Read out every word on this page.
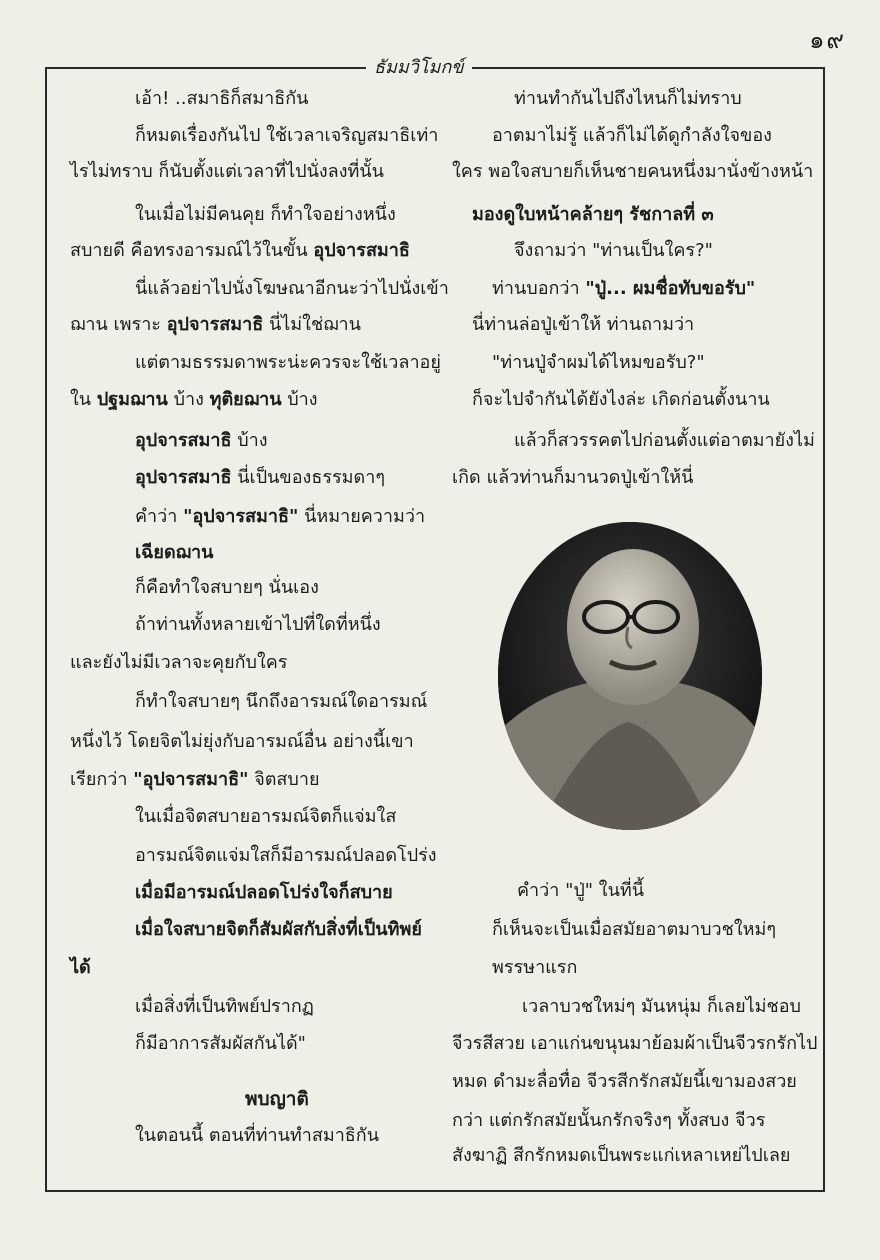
๑๙
ธัมมวิโมกข์
เอ้า! ..สมาธิก็สมาธิกัน
ก็หมดเรื่องกันไป ใช้เวลาเจริญสมาธิเท่า
ไรไม่ทราบ ก็นับตั้งแต่เวลาที่ไปนั่งลงที่นั้น
ในเมื่อไม่มีคนคุย ก็ทำใจอย่างหนึ่ง
สบายดี คือทรงอารมณ์ไว้ในขั้น อุปจารสมาธิ
นี่แล้วอย่าไปนั่งโฆษณาอีกนะว่าไปนั่งเข้า
ฌาน เพราะ อุปจารสมาธิ นี่ไม่ใช่ฌาน
แต่ตามธรรมดาพระน่ะควรจะใช้เวลาอยู่
ใน ปฐมฌาน บ้าง ทุติยฌาน บ้าง
อุปจารสมาธิ บ้าง
อุปจารสมาธิ นี่เป็นของธรรมดาๆ
คำว่า "อุปจารสมาธิ" นี่หมายความว่า
เฉียดฌาน
ก็คือทำใจสบายๆ นั่นเอง
ถ้าท่านทั้งหลายเข้าไปที่ใดที่หนึ่ง
และยังไม่มีเวลาจะคุยกับใคร
ก็ทำใจสบายๆ นึกถึงอารมณ์ใดอารมณ์
หนึ่งไว้ โดยจิตไม่ยุ่งกับอารมณ์อื่น อย่างนี้เขา
เรียกว่า "อุปจารสมาธิ" จิตสบาย
ในเมื่อจิตสบายอารมณ์จิตก็แจ่มใส
อารมณ์จิตแจ่มใสก็มีอารมณ์ปลอดโปร่ง
เมื่อมีอารมณ์ปลอดโปร่งใจก็สบาย
เมื่อใจสบายจิตก็สัมผัสกับสิ่งที่เป็นทิพย์
ได้
เมื่อสิ่งที่เป็นทิพย์ปรากฏ
ก็มีอาการสัมผัสกันได้"
พบญาติ
ในตอนนี้ ตอนที่ท่านทำสมาธิกัน
ท่านทำกันไปถึงไหนก็ไม่ทราบ
อาตมาไม่รู้ แล้วก็ไม่ได้ดูกำลังใจของ
ใคร พอใจสบายก็เห็นชายคนหนึ่งมานั่งข้างหน้า
มองดูใบหน้าคล้ายๆ รัชกาลที่ ๓
จึงถามว่า "ท่านเป็นใคร?"
ท่านบอกว่า "ปู่... ผมชื่อทับขอรับ"
นี่ท่านล่อปู่เข้าให้ ท่านถามว่า
"ท่านปู่จำผมได้ไหมขอรับ?"
ก็จะไปจำกันได้ยังไงล่ะ เกิดก่อนตั้งนาน
แล้วก็สวรรคตไปก่อนตั้งแต่อาตมายังไม่
เกิด แล้วท่านก็มานวดปู่เข้าให้นี่
คำว่า "ปู่" ในที่นี้
ก็เห็นจะเป็นเมื่อสมัยอาตมาบวชใหม่ๆ
พรรษาแรก
เวลาบวชใหม่ๆ มันหนุ่ม ก็เลยไม่ชอบ
จีวรสีสวย เอาแก่นขนุนมาย้อมผ้าเป็นจีวรกรักไป
หมด ดำมะลื่อทื่อ จีวรสีกรักสมัยนี้เขามองสวย
กว่า แต่กรักสมัยนั้นกรักจริงๆ ทั้งสบง จีวร
สังฆาฏิ สีกรักหมดเป็นพระแก่เหลาเหย่ไปเลย
